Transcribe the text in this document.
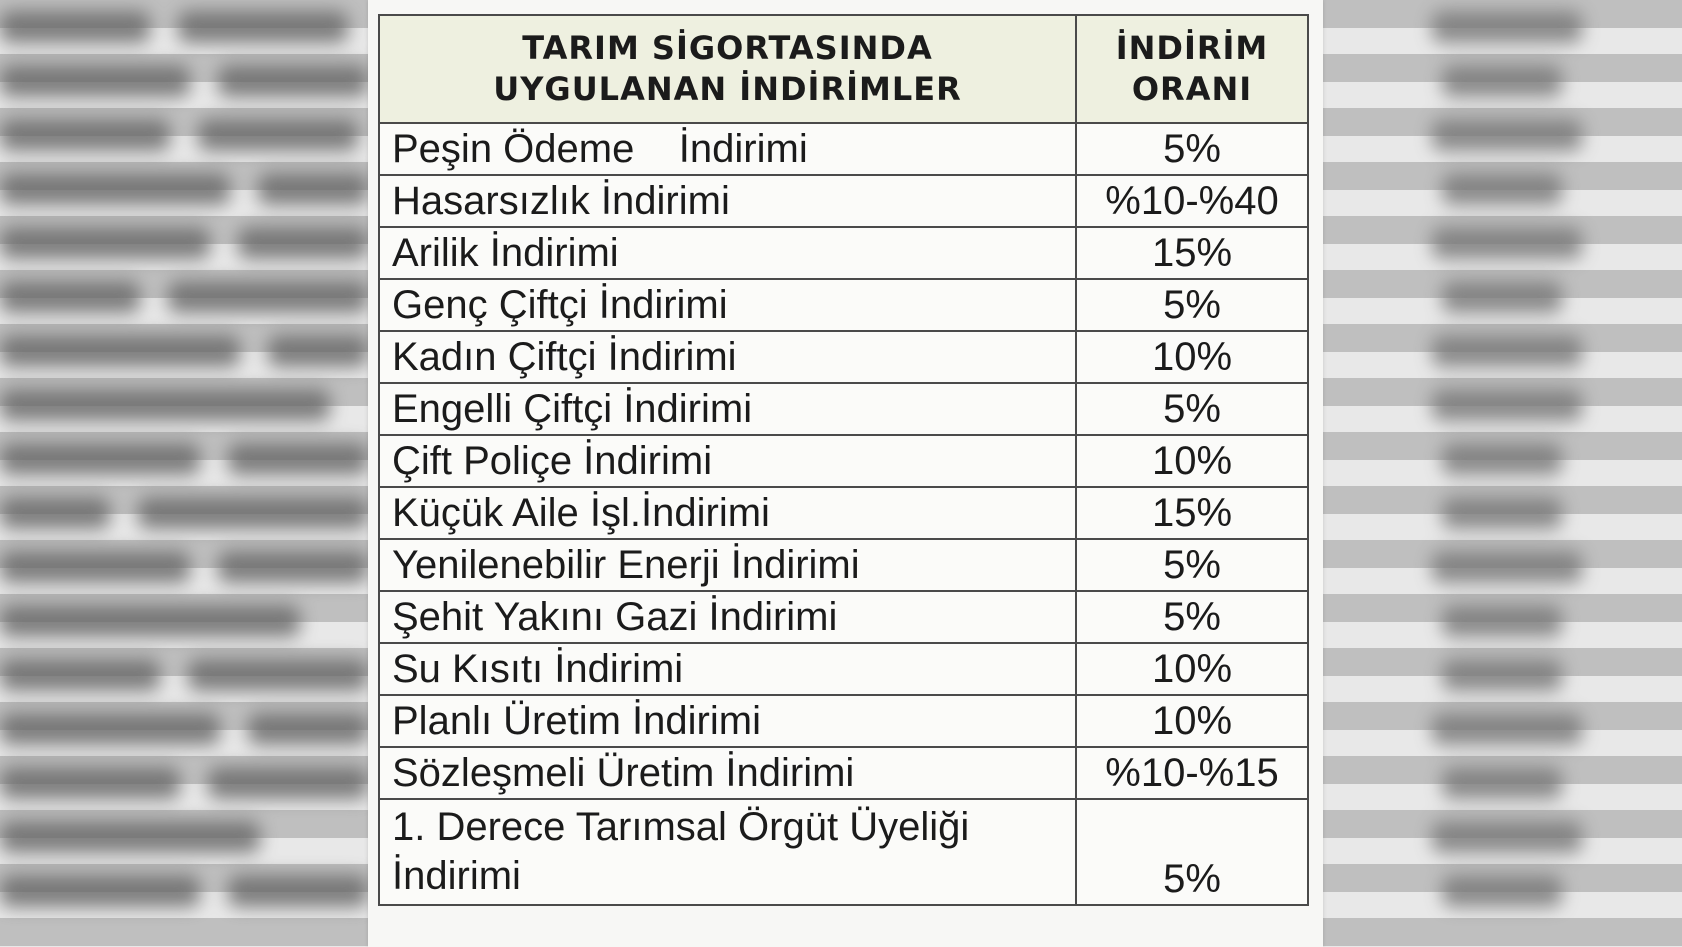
TARIM SİGORTASINDA
UYGULANAN İNDİRİMLER	İNDİRİM
ORANI

Peşin Ödeme    İndirimi	5%
Hasarsızlık İndirimi	%10-%40
Arilik İndirimi	15%
Genç Çiftçi İndirimi	5%
Kadın Çiftçi İndirimi	10%
Engelli Çiftçi İndirimi	5%
Çift Poliçe İndirimi	10%
Küçük Aile İşl.İndirimi	15%
Yenilenebilir Enerji İndirimi	5%
Şehit Yakını Gazi İndirimi	5%
Su Kısıtı İndirimi	10%
Planlı Üretim İndirimi	10%
Sözleşmeli Üretim İndirimi	%10-%15
1. Derece Tarımsal Örgüt Üyeliği İndirimi	5%
